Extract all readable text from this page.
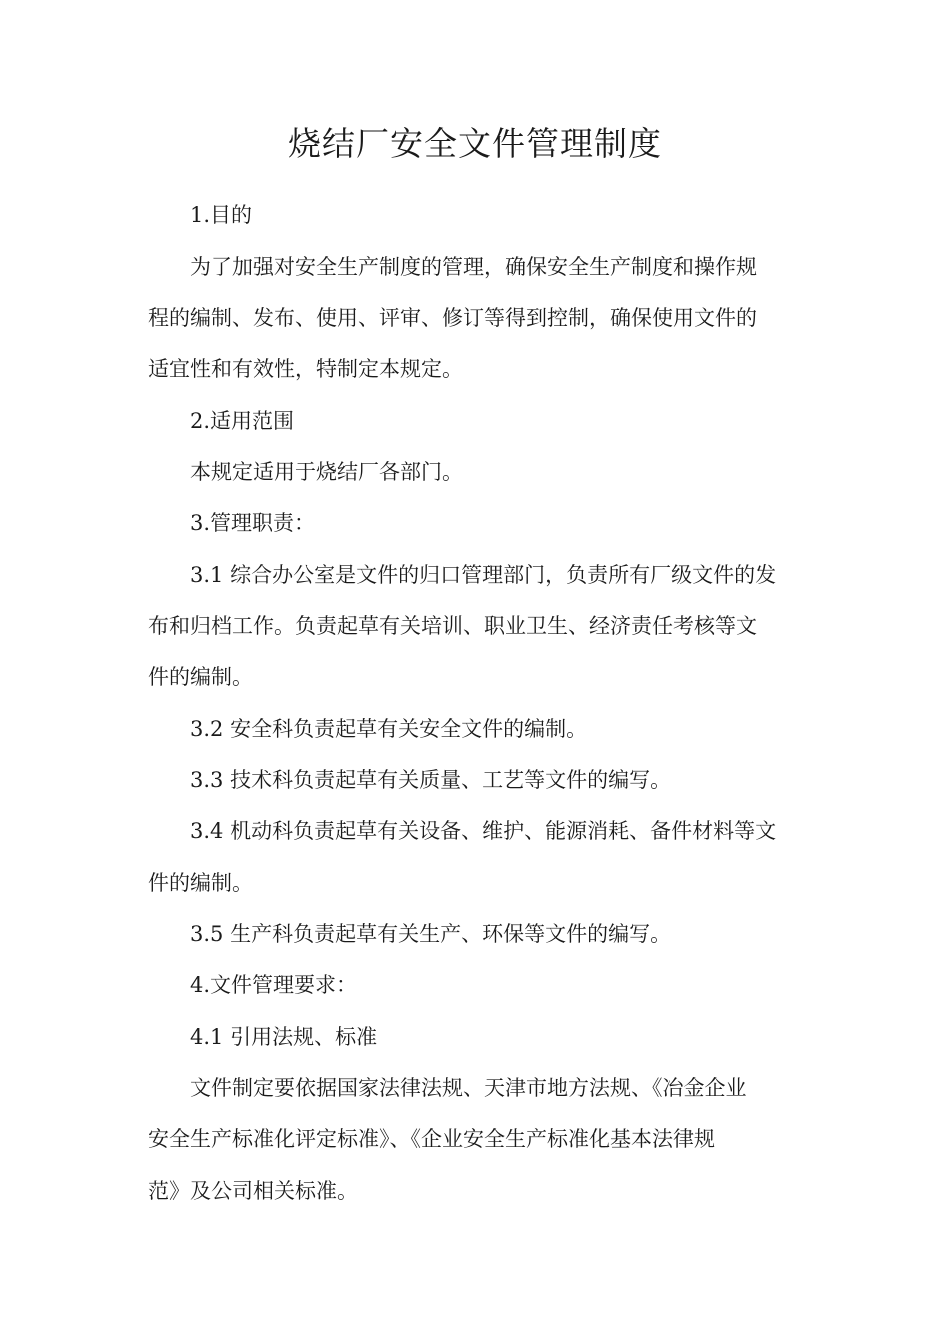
烧结厂安全文件管理制度

1.目的

为了加强对安全生产制度的管理，确保安全生产制度和操作规

程的编制、发布、使用、评审、修订等得到控制，确保使用文件的

适宜性和有效性，特制定本规定。

2.适用范围

本规定适用于烧结厂各部门。

3.管理职责：

3.1 综合办公室是文件的归口管理部门，负责所有厂级文件的发

布和归档工作。负责起草有关培训、职业卫生、经济责任考核等文

件的编制。

3.2 安全科负责起草有关安全文件的编制。

3.3 技术科负责起草有关质量、工艺等文件的编写。

3.4 机动科负责起草有关设备、维护、能源消耗、备件材料等文

件的编制。

3.5 生产科负责起草有关生产、环保等文件的编写。

4.文件管理要求：

4.1 引用法规、标准

文件制定要依据国家法律法规、天津市地方法规、《冶金企业

安全生产标准化评定标准》、《企业安全生产标准化基本法律规

范》及公司相关标准。
